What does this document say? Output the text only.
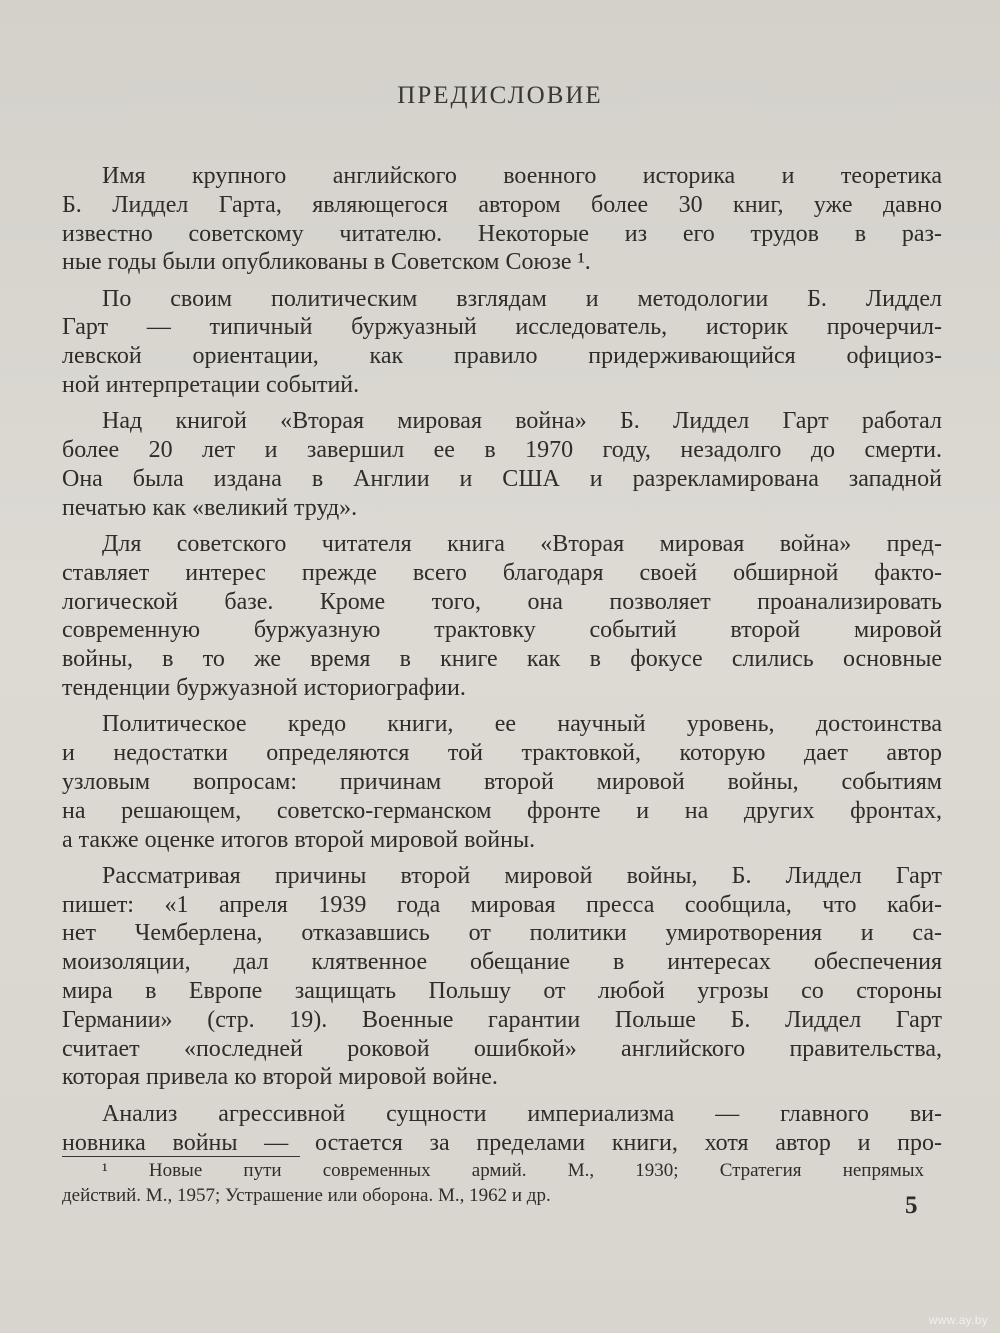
ПРЕДИСЛОВИЕ
Имя крупного английского военного историка и теоретика
Б. Лиддел Гарта, являющегося автором более 30 книг, уже давно
известно советскому читателю. Некоторые из его трудов в раз-
ные годы были опубликованы в Советском Союзе ¹.
По своим политическим взглядам и методологии Б. Лиддел
Гарт — типичный буржуазный исследователь, историк прочерчил-
левской ориентации, как правило придерживающийся официоз-
ной интерпретации событий.
Над книгой «Вторая мировая война» Б. Лиддел Гарт работал
более 20 лет и завершил ее в 1970 году, незадолго до смерти.
Она была издана в Англии и США и разрекламирована западной
печатью как «великий труд».
Для советского читателя книга «Вторая мировая война» пред-
ставляет интерес прежде всего благодаря своей обширной факто-
логической базе. Кроме того, она позволяет проанализировать
современную буржуазную трактовку событий второй мировой
войны, в то же время в книге как в фокусе слились основные
тенденции буржуазной историографии.
Политическое кредо книги, ее научный уровень, достоинства
и недостатки определяются той трактовкой, которую дает автор
узловым вопросам: причинам второй мировой войны, событиям
на решающем, советско-германском фронте и на других фронтах,
а также оценке итогов второй мировой войны.
Рассматривая причины второй мировой войны, Б. Лиддел Гарт
пишет: «1 апреля 1939 года мировая пресса сообщила, что каби-
нет Чемберлена, отказавшись от политики умиротворения и са-
моизоляции, дал клятвенное обещание в интересах обеспечения
мира в Европе защищать Польшу от любой угрозы со стороны
Германии» (стр. 19). Военные гарантии Польше Б. Лиддел Гарт
считает «последней роковой ошибкой» английского правительства,
которая привела ко второй мировой войне.
Анализ агрессивной сущности империализма — главного ви-
новника войны — остается за пределами книги, хотя автор и про-
¹ Новые пути современных армий. М., 1930; Стратегия непрямых
действий. М., 1957; Устрашение или оборона. М., 1962 и др.	5
www.ay.by
